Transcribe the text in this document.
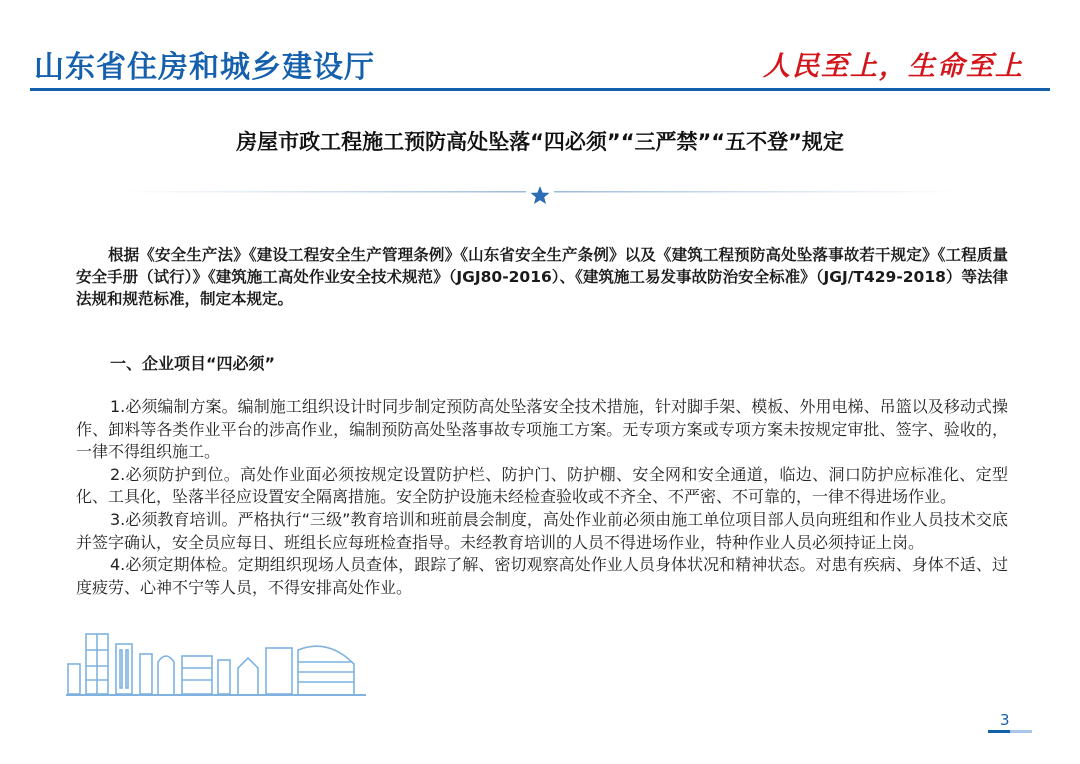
山东省住房和城乡建设厅	人民至上，生命至上
房屋市政工程施工预防高处坠落“四必须”“三严禁”“五不登”规定

根据《安全生产法》《建设工程安全生产管理条例》《山东省安全生产条例》以及《建筑工程预防高处坠落事故若干规定》《工程质量安全手册（试行）》《建筑施工高处作业安全技术规范》（JGJ80-2016）、《建筑施工易发事故防治安全标准》（JGJ/T429-2018）等法律法规和规范标准，制定本规定。

一、企业项目“四必须”

1.必须编制方案。编制施工组织设计时同步制定预防高处坠落安全技术措施，针对脚手架、模板、外用电梯、吊篮以及移动式操作、卸料等各类作业平台的涉高作业，编制预防高处坠落事故专项施工方案。无专项方案或专项方案未按规定审批、签字、验收的，一律不得组织施工。

2.必须防护到位。高处作业面必须按规定设置防护栏、防护门、防护棚、安全网和安全通道，临边、洞口防护应标准化、定型化、工具化，坠落半径应设置安全隔离措施。安全防护设施未经检查验收或不齐全、不严密、不可靠的，一律不得进场作业。

3.必须教育培训。严格执行“三级”教育培训和班前晨会制度，高处作业前必须由施工单位项目部人员向班组和作业人员技术交底并签字确认，安全员应每日、班组长应每班检查指导。未经教育培训的人员不得进场作业，特种作业人员必须持证上岗。

4.必须定期体检。定期组织现场人员查体，跟踪了解、密切观察高处作业人员身体状况和精神状态。对患有疾病、身体不适、过度疲劳、心神不宁等人员，不得安排高处作业。

3
